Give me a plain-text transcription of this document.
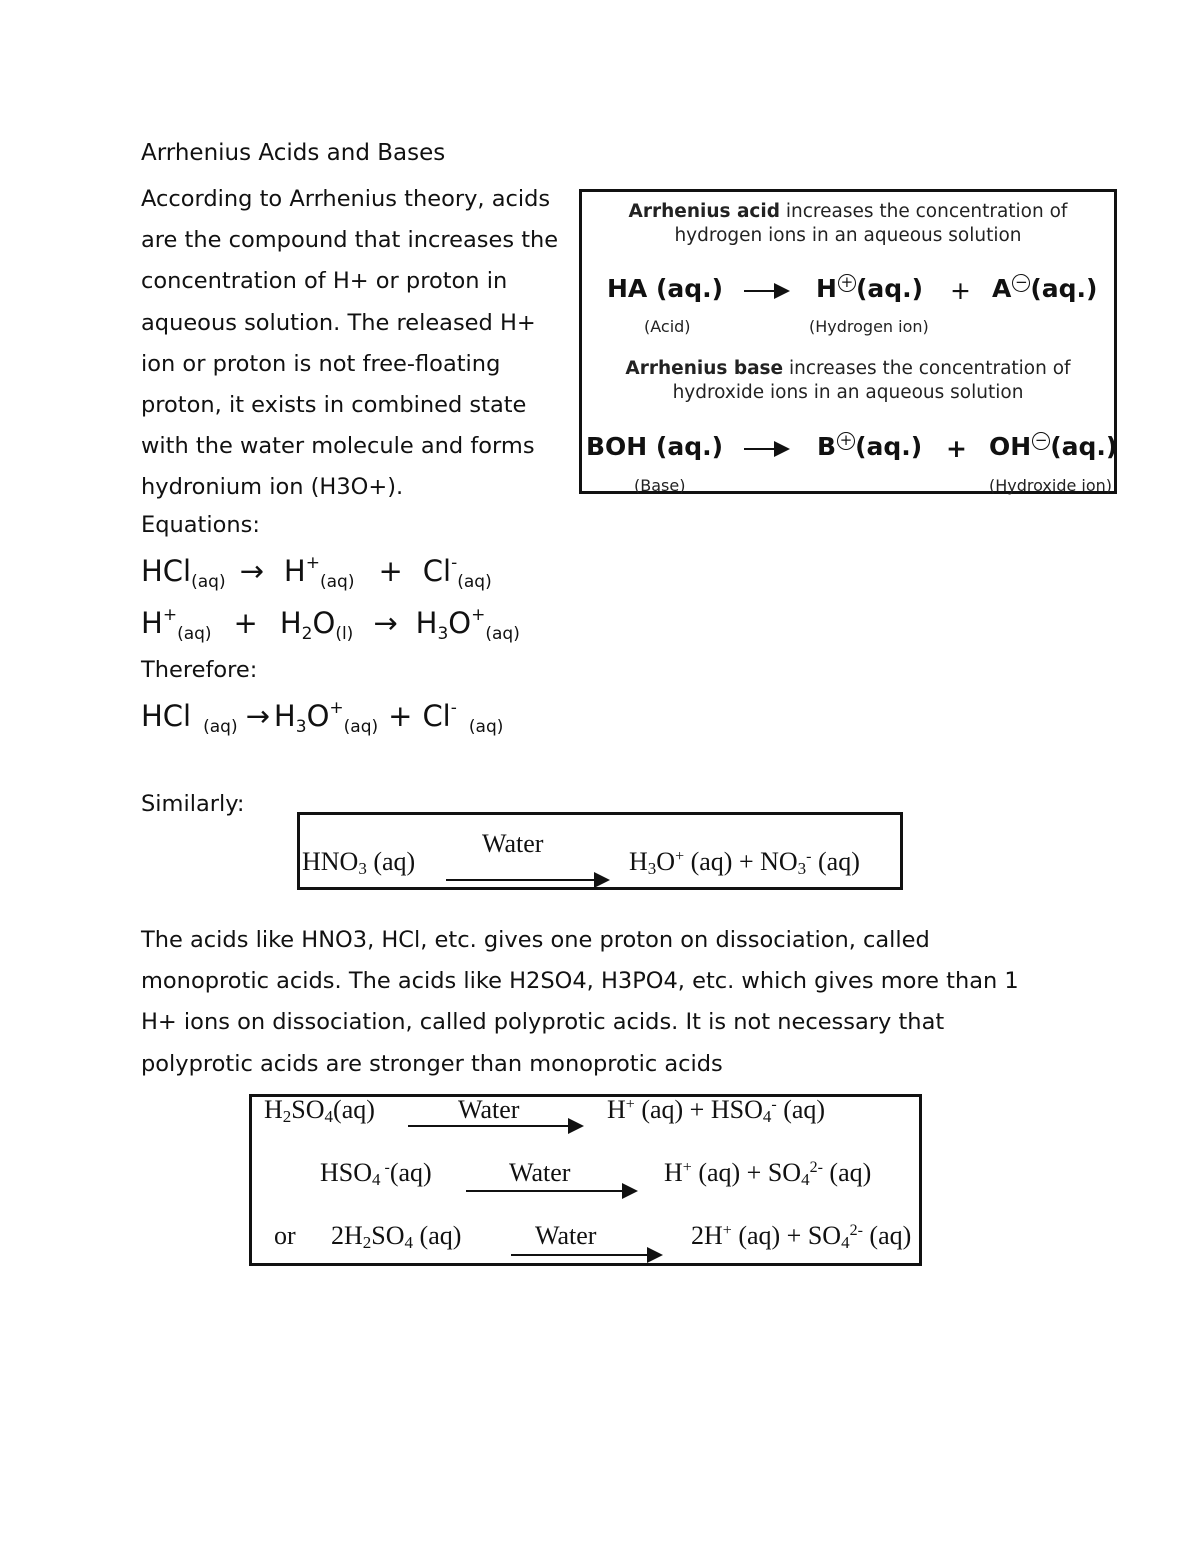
Arrhenius Acids and Bases
According to Arrhenius theory, acids
are the compound that increases the
concentration of H+ or proton in
aqueous solution. The released H+
ion or proton is not free-floating
proton, it exists in combined state
with the water molecule and forms
hydronium ion (H3O+).
Equations:
HCl (aq) → H +
(aq) + Cl -
(aq)
H +
(aq) + H 2 O (l) → H 3 O +
(aq)
Therefore:
HCl (aq) → H 3 O +
(aq) + Cl -
(aq)
Similarly:
Arrhenius acid increases the concentration of
hydrogen ions in an aqueous solution
HA (aq.)	H + (aq.) + A − (aq.)
(Acid)	(Hydrogen ion)
Arrhenius base increases the concentration of
hydroxide ions in an aqueous solution
BOH (aq.)	B + (aq.) + OH − (aq.)
(Base)	(Hydroxide ion)
HNO3 (aq)
Water
H3O+ (aq) + NO3- (aq)
The acids like HNO3, HCl, etc. gives one proton on dissociation, called
monoprotic acids. The acids like H2SO4, H3PO4, etc. which gives more than 1
H+ ions on dissociation, called polyprotic acids. It is not necessary that
polyprotic acids are stronger than monoprotic acids
H2SO4(aq)	Water	H+ (aq) + HSO4- (aq)
HSO4 -(aq)	Water	H+ $(aq) + SO4^{2-}$ (aq)
or 2H2SO4 (aq)	Water	2H+ $(aq) + SO4^{2-}$ (aq)
